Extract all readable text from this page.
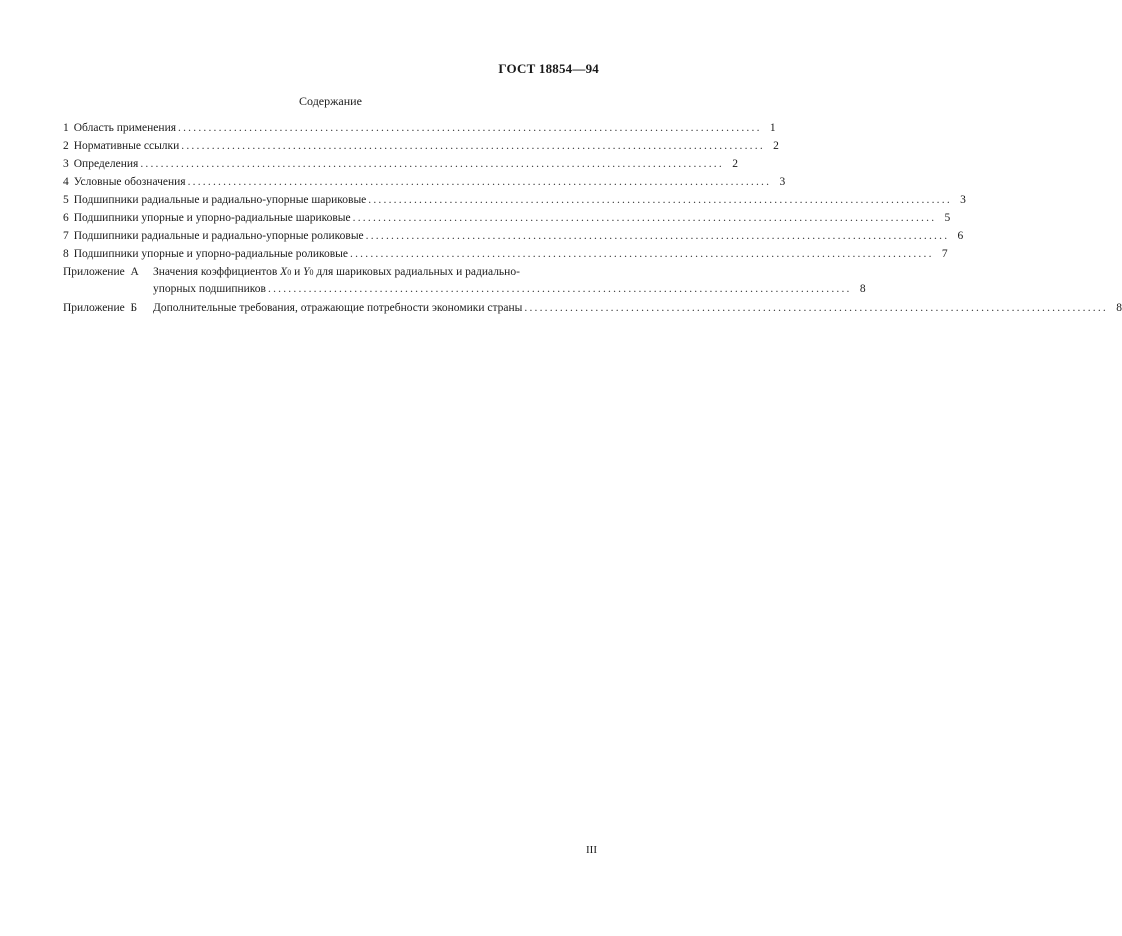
ГОСТ 18854—94
Содержание
1 Область применения ................................................................................................................... 1
2 Нормативные ссылки ................................................................................................................... 2
3 Определения ................................................................................................................... 2
4 Условные обозначения ................................................................................................................... 3
5 Подшипники радиальные и радиально-упорные шариковые ................................................................................................................... 3
6 Подшипники упорные и упорно-радиальные шариковые ................................................................................................................... 5
7 Подшипники радиальные и радиально-упорные роликовые ................................................................................................................... 6
8 Подшипники упорные и упорно-радиальные роликовые ................................................................................................................... 7
Приложение  А	Значения коэффициентов X 0 и Y 0 для шариковых радиальных и радиально-
упорных подшипников ................................................................................................................... 8
Приложение  Б	Дополнительные требования, отражающие потребности экономики страны ................................................................................................................... 8
III
